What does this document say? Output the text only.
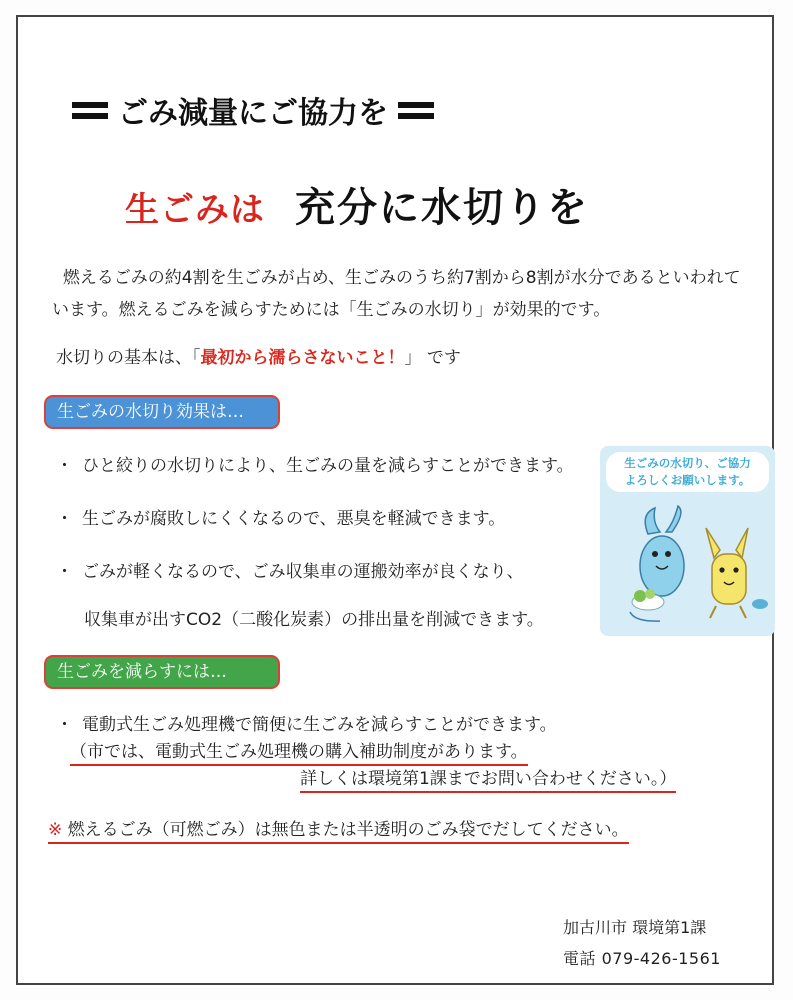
ごみ減量にご協力を
生ごみは 充分に水切りを
燃えるごみの約4割を生ごみが占め、生ごみのうち約7割から8割が水分であるといわれています。燃えるごみを減らすためには「生ごみの水切り」が効果的です。
水切りの基本は、「最初から濡らさないこと！」 です
生ごみの水切り効果は…
・ ひと絞りの水切りにより、生ごみの量を減らすことができます。
・ 生ごみが腐敗しにくくなるので、悪臭を軽減できます。
・ ごみが軽くなるので、ごみ収集車の運搬効率が良くなり、
収集車が出すCO2（二酸化炭素）の排出量を削減できます。
生ごみの水切り、ご協力
よろしくお願いします。
生ごみを減らすには…
・ 電動式生ごみ処理機で簡便に生ごみを減らすことができます。
（市では、電動式生ごみ処理機の購入補助制度があります。
詳しくは環境第1課までお問い合わせください。）
※ 燃えるごみ（可燃ごみ）は無色または半透明のごみ袋でだしてください。
加古川市 環境第1課
電話 079-426-1561
